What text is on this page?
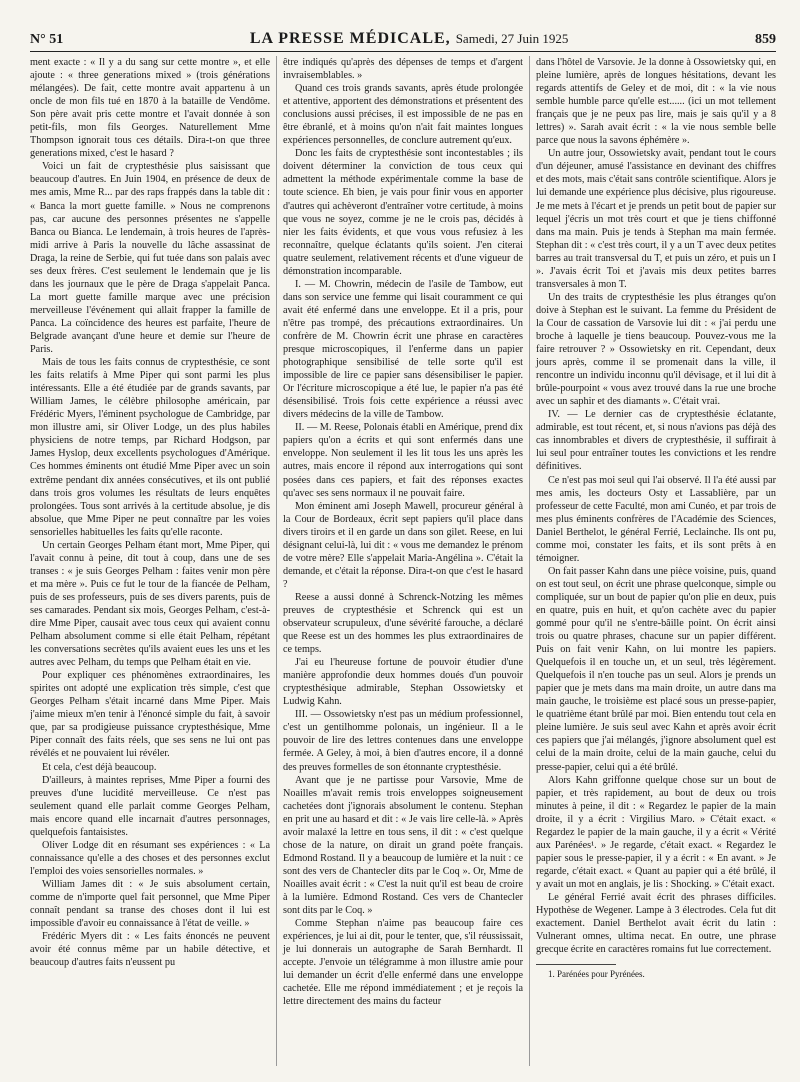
N° 51	LA PRESSE MÉDICALE, Samedi, 27 Juin 1925	859

ment exacte : « Il y a du sang sur cette montre », et elle ajoute : « three generations mixed » (trois générations mélangées). De fait, cette montre avait appartenu à un oncle de mon fils tué en 1870 à la bataille de Vendôme. Son père avait pris cette montre et l'avait donnée à son petit-fils, mon fils Georges. Naturellement Mme Thompson ignorait tous ces détails. Dira-t-on que three generations mixed, c'est le hasard ?

Voici un fait de cryptesthésie plus saisissant que beaucoup d'autres. En Juin 1904, en présence de deux de mes amis, Mme R... par des raps frappés dans la table dit : « Banca la mort guette famille. » Nous ne comprenons pas, car aucune des personnes présentes ne s'appelle Banca ou Bianca. Le lendemain, à trois heures de l'après-midi arrive à Paris la nouvelle du lâche assassinat de Draga, la reine de Serbie, qui fut tuée dans son palais avec ses deux frères. C'est seulement le lendemain que je lis dans les journaux que le père de Draga s'appelait Panca. La mort guette famille marque avec une précision merveilleuse l'événement qui allait frapper la famille de Panca. La coïncidence des heures est parfaite, l'heure de Belgrade avançant d'une heure et demie sur l'heure de Paris.

Mais de tous les faits connus de cryptesthésie, ce sont les faits relatifs à Mme Piper qui sont parmi les plus intéressants. Elle a été étudiée par de grands savants, par William James, le célèbre philosophe américain, par Frédéric Myers, l'éminent psychologue de Cambridge, par mon illustre ami, sir Oliver Lodge, un des plus habiles physiciens de notre temps, par Richard Hodgson, par James Hyslop, deux excellents psychologues d'Amérique. Ces hommes éminents ont étudié Mme Piper avec un soin extrême pendant dix années consécutives, et ils ont publié dans trois gros volumes les résultats de leurs enquêtes prolongées. Tous sont arrivés à la certitude absolue, je dis absolue, que Mme Piper ne peut connaître par les voies sensorielles habituelles les faits qu'elle raconte.

Un certain Georges Pelham étant mort, Mme Piper, qui l'avait connu à peine, dit tout à coup, dans une de ses transes : « je suis Georges Pelham : faites venir mon père et ma mère ». Puis ce fut le tour de la fiancée de Pelham, puis de ses professeurs, puis de ses divers parents, puis de ses camarades. Pendant six mois, Georges Pelham, c'est-à-dire Mme Piper, causait avec tous ceux qui avaient connu Pelham absolument comme si elle était Pelham, répétant les conversations secrètes qu'ils avaient eues les uns et les autres avec Pelham, du temps que Pelham était en vie.

Pour expliquer ces phénomènes extraordinaires, les spirites ont adopté une explication très simple, c'est que Georges Pelham s'était incarné dans Mme Piper. Mais j'aime mieux m'en tenir à l'énoncé simple du fait, à savoir que, par sa prodigieuse puissance cryptesthésique, Mme Piper connaît des faits réels, que ses sens ne lui ont pas révélés et ne pouvaient lui révéler.

Et cela, c'est déjà beaucoup.

D'ailleurs, à maintes reprises, Mme Piper a fourni des preuves d'une lucidité merveilleuse. Ce n'est pas seulement quand elle parlait comme Georges Pelham, mais encore quand elle incarnait d'autres personnages, quelquefois fantaisistes.

Oliver Lodge dit en résumant ses expériences : « La connaissance qu'elle a des choses et des personnes exclut l'emploi des voies sensorielles normales. »

William James dit : « Je suis absolument certain, comme de n'importe quel fait personnel, que Mme Piper connaît pendant sa transe des choses dont il lui est impossible d'avoir eu connaissance à l'état de veille. »

Frédéric Myers dit : « Les faits énoncés ne peuvent avoir été connus même par un habile détective, et beaucoup d'autres faits n'eussent pu

être indiqués qu'après des dépenses de temps et d'argent invraisemblables. »

Quand ces trois grands savants, après étude prolongée et attentive, apportent des démonstrations et présentent des conclusions aussi précises, il est impossible de ne pas en être ébranlé, et à moins qu'on n'ait fait maintes longues expériences personnelles, de conclure autrement qu'eux.

Donc les faits de cryptesthésie sont incontestables ; ils doivent déterminer la conviction de tous ceux qui admettent la méthode expérimentale comme la base de toute science. Eh bien, je vais pour finir vous en apporter d'autres qui achèveront d'entraîner votre certitude, à moins que vous ne soyez, comme je ne le crois pas, décidés à nier les faits évidents, et que vous vous refusiez à les reconnaître, quelque éclatants qu'ils soient. J'en citerai quatre seulement, relativement récents et d'une vigueur de démonstration incomparable.

I. — M. Chowrin, médecin de l'asile de Tambow, eut dans son service une femme qui lisait couramment ce qui avait été enfermé dans une enveloppe. Et il a pris, pour n'être pas trompé, des précautions extraordinaires. Un confrère de M. Chowrin écrit une phrase en caractères presque microscopiques, il l'enferme dans un papier photographique sensibilisé de telle sorte qu'il est impossible de lire ce papier sans désensibiliser le papier. Or l'écriture microscopique a été lue, le papier n'a pas été désensibilisé. Trois fois cette expérience a réussi avec divers médecins de la ville de Tambow.

II. — M. Reese, Polonais établi en Amérique, prend dix papiers qu'on a écrits et qui sont enfermés dans une enveloppe. Non seulement il les lit tous les uns après les autres, mais encore il répond aux interrogations qui sont posées dans ces papiers, et fait des réponses exactes qu'avec ses sens normaux il ne pouvait faire.

Mon éminent ami Joseph Mawell, procureur général à la Cour de Bordeaux, écrit sept papiers qu'il place dans divers tiroirs et il en garde un dans son gilet. Reese, en lui désignant celui-là, lui dit : « vous me demandez le prénom de votre mère? Elle s'appelait Maria-Angélina ». C'était la demande, et c'était la réponse. Dira-t-on que c'est le hasard ?

Reese a aussi donné à Schrenck-Notzing les mêmes preuves de cryptesthésie et Schrenck qui est un observateur scrupuleux, d'une sévérité farouche, a déclaré que Reese est un des hommes les plus extraordinaires de ce temps.

J'ai eu l'heureuse fortune de pouvoir étudier d'une manière approfondie deux hommes doués d'un pouvoir cryptesthésique admirable, Stephan Ossowietsky et Ludwig Kahn.

III. — Ossowietsky n'est pas un médium professionnel, c'est un gentilhomme polonais, un ingénieur. Il a le pouvoir de lire des lettres contenues dans une enveloppe fermée. A Geley, à moi, à bien d'autres encore, il a donné des preuves formelles de son étonnante cryptesthésie.

Avant que je ne partisse pour Varsovie, Mme de Noailles m'avait remis trois enveloppes soigneusement cachetées dont j'ignorais absolument le contenu. Stephan en prit une au hasard et dit : « Je vais lire celle-là. » Après avoir malaxé la lettre en tous sens, il dit : « c'est quelque chose de la nature, on dirait un grand poète français. Edmond Rostand. Il y a beaucoup de lumière et la nuit : ce sont des vers de Chantecler dits par le Coq ». Or, Mme de Noailles avait écrit : « C'est la nuit qu'il est beau de croire à la lumière. Edmond Rostand. Ces vers de Chantecler sont dits par le Coq. »

Comme Stephan n'aime pas beaucoup faire ces expériences, je lui ai dit, pour le tenter, que, s'il réussissait, je lui donnerais un autographe de Sarah Bernhardt. Il accepte. J'envoie un télégramme à mon illustre amie pour lui demander un écrit d'elle enfermé dans une enveloppe cachetée. Elle me répond immédiatement ; et je reçois la lettre directement des mains du facteur

dans l'hôtel de Varsovie. Je la donne à Ossowietsky qui, en pleine lumière, après de longues hésitations, devant les regards attentifs de Geley et de moi, dit : « la vie nous semble humble parce qu'elle est...... (ici un mot tellement français que je ne peux pas lire, mais je sais qu'il y a 8 lettres) ». Sarah avait écrit : « la vie nous semble belle parce que nous la savons éphémère ».

Un autre jour, Ossowietsky avait, pendant tout le cours d'un déjeuner, amusé l'assistance en devinant des chiffres et des mots, mais c'était sans contrôle scientifique. Alors je lui demande une expérience plus décisive, plus rigoureuse. Je me mets à l'écart et je prends un petit bout de papier sur lequel j'écris un mot très court et que je tiens chiffonné dans ma main. Puis je tends à Stephan ma main fermée. Stephan dit : « c'est très court, il y a un T avec deux petites barres au trait transversal du T, et puis un zéro, et puis un I ». J'avais écrit Toi et j'avais mis deux petites barres transversales à mon T.

Un des traits de cryptesthésie les plus étranges qu'on doive à Stephan est le suivant. La femme du Président de la Cour de cassation de Varsovie lui dit : « j'ai perdu une broche à laquelle je tiens beaucoup. Pouvez-vous me la faire retrouver ? » Ossowietsky en rit. Cependant, deux jours après, comme il se promenait dans la ville, il rencontre un individu inconnu qu'il dévisage, et il lui dit à brûle-pourpoint « vous avez trouvé dans la rue une broche avec un saphir et des diamants ». C'était vrai.

IV. — Le dernier cas de cryptesthésie éclatante, admirable, est tout récent, et, si nous n'avions pas déjà des cas innombrables et divers de cryptesthésie, il suffirait à lui seul pour entraîner toutes les convictions et les rendre définitives.

Ce n'est pas moi seul qui l'ai observé. Il l'a été aussi par mes amis, les docteurs Osty et Lassablière, par un professeur de cette Faculté, mon ami Cunéo, et par trois de mes plus éminents confrères de l'Académie des Sciences, Daniel Berthelot, le général Ferrié, Leclainche. Ils ont pu, comme moi, constater les faits, et ils sont prêts à en témoigner.

On fait passer Kahn dans une pièce voisine, puis, quand on est tout seul, on écrit une phrase quelconque, simple ou compliquée, sur un bout de papier qu'on plie en deux, puis en quatre, puis en huit, et qu'on cachète avec du papier gommé pour qu'il ne s'entre-bâille point. On écrit ainsi trois ou quatre phrases, chacune sur un papier différent. Puis on fait venir Kahn, on lui montre les papiers. Quelquefois il en touche un, et un seul, très légèrement. Quelquefois il n'en touche pas un seul. Alors je prends un papier que je mets dans ma main droite, un autre dans ma main gauche, le troisième est placé sous un presse-papier, le quatrième étant brûlé par moi. Bien entendu tout cela en pleine lumière. Je suis seul avec Kahn et après avoir écrit ces papiers que j'ai mélangés, j'ignore absolument quel est celui de la main droite, celui de la main gauche, celui du presse-papier, celui qui a été brûlé.

Alors Kahn griffonne quelque chose sur un bout de papier, et très rapidement, au bout de deux ou trois minutes à peine, il dit : « Regardez le papier de la main droite, il y a écrit : Virgilius Maro. » C'était exact. « Regardez le papier de la main gauche, il y a écrit « Vérité aux Parénées¹. » Je regarde, c'était exact. « Regardez le papier sous le presse-papier, il y a écrit : « En avant. » Je regarde, c'était exact. « Quant au papier qui a été brûlé, il y avait un mot en anglais, je lis : Shocking. » C'était exact.

Le général Ferrié avait écrit des phrases difficiles. Hypothèse de Wegener. Lampe à 3 électrodes. Cela fut dit exactement. Daniel Berthelot avait écrit du latin : Vulnerant omnes, ultima necat. En outre, une phrase grecque écrite en caractères romains fut lue correctement.

1. Parénées pour Pyrénées.
